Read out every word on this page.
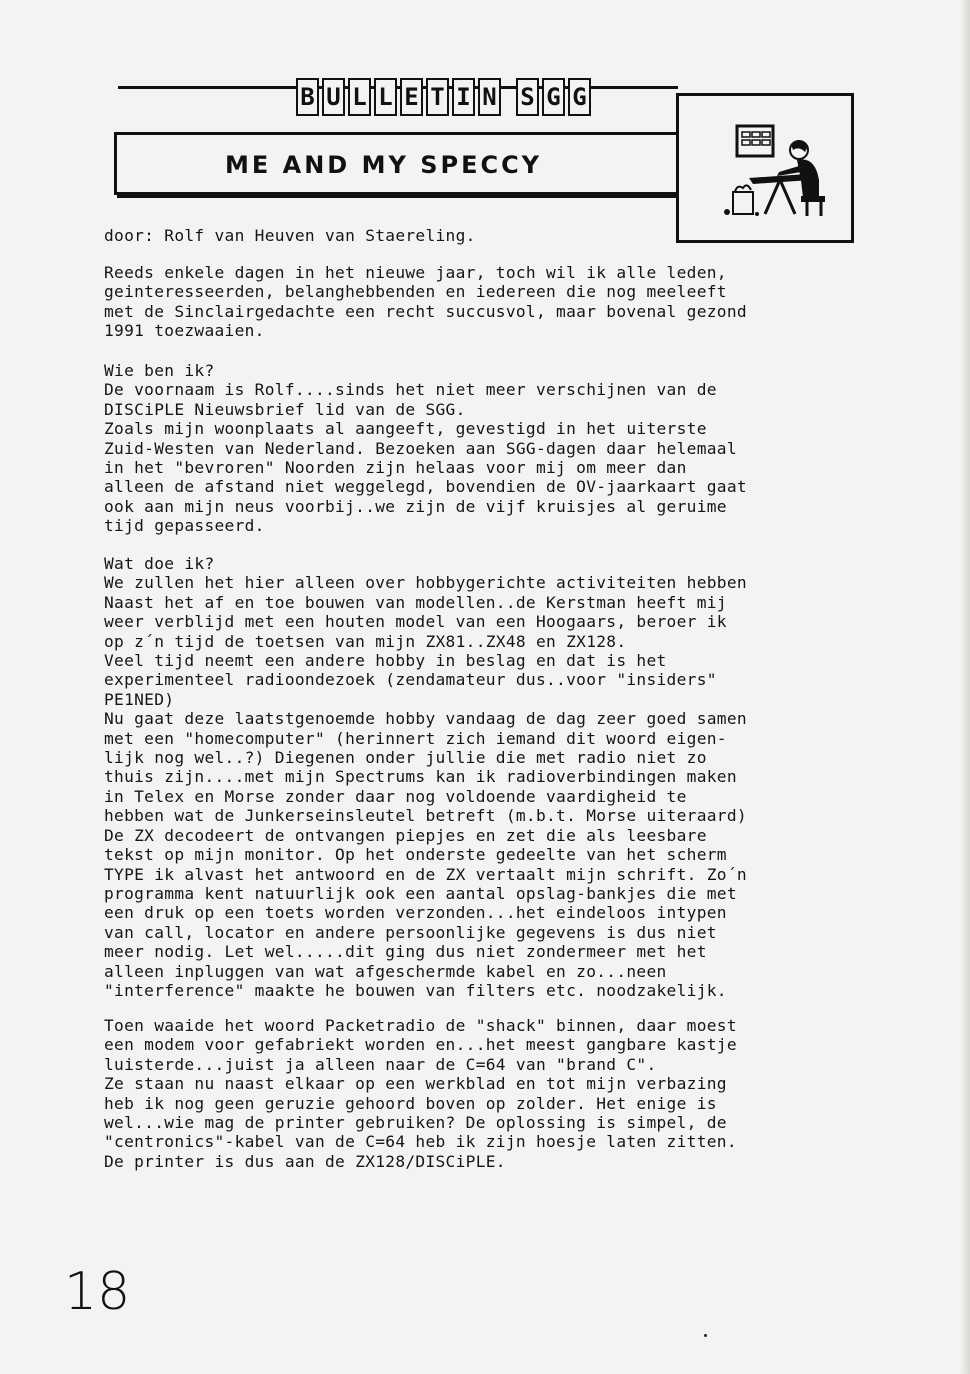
B U L L E T I N S G G
ME AND MY SPECCY
door: Rolf van Heuven van Staereling.
Reeds enkele dagen in het nieuwe jaar, toch wil ik alle leden,
geinteresseerden, belanghebbenden en iedereen die nog meeleeft
met de Sinclairgedachte een recht succusvol, maar bovenal gezond
1991 toezwaaien.
Wie ben ik?
De voornaam is Rolf....sinds het niet meer verschijnen van de
DISCiPLE Nieuwsbrief lid van de SGG.
Zoals mijn woonplaats al aangeeft, gevestigd in het uiterste
Zuid-Westen van Nederland. Bezoeken aan SGG-dagen daar helemaal
in het "bevroren" Noorden zijn helaas voor mij om meer dan
alleen de afstand niet weggelegd, bovendien de OV-jaarkaart gaat
ook aan mijn neus voorbij..we zijn de vijf kruisjes al geruime
tijd gepasseerd.
Wat doe ik?
We zullen het hier alleen over hobbygerichte activiteiten hebben
Naast het af en toe bouwen van modellen..de Kerstman heeft mij
weer verblijd met een houten model van een Hoogaars, beroer ik
op z´n tijd de toetsen van mijn ZX81..ZX48 en ZX128.
Veel tijd neemt een andere hobby in beslag en dat is het
experimenteel radioondezoek (zendamateur dus..voor "insiders"
PE1NED)
Nu gaat deze laatstgenoemde hobby vandaag de dag zeer goed samen
met een "homecomputer" (herinnert zich iemand dit woord eigen-
lijk nog wel..?) Diegenen onder jullie die met radio niet zo
thuis zijn....met mijn Spectrums kan ik radioverbindingen maken
in Telex en Morse zonder daar nog voldoende vaardigheid te
hebben wat de Junkerseinsleutel betreft (m.b.t. Morse uiteraard)
De ZX decodeert de ontvangen piepjes en zet die als leesbare
tekst op mijn monitor. Op het onderste gedeelte van het scherm
TYPE ik alvast het antwoord en de ZX vertaalt mijn schrift. Zo´n
programma kent natuurlijk ook een aantal opslag-bankjes die met
een druk op een toets worden verzonden...het eindeloos intypen
van call, locator en andere persoonlijke gegevens is dus niet
meer nodig. Let wel.....dit ging dus niet zondermeer met het
alleen inpluggen van wat afgeschermde kabel en zo...neen
"interference" maakte he bouwen van filters etc. noodzakelijk.
Toen waaide het woord Packetradio de "shack" binnen, daar moest
een modem voor gefabriekt worden en...het meest gangbare kastje
luisterde...juist ja alleen naar de C=64 van "brand C".
Ze staan nu naast elkaar op een werkblad en tot mijn verbazing
heb ik nog geen geruzie gehoord boven op zolder. Het enige is
wel...wie mag de printer gebruiken? De oplossing is simpel, de
"centronics"-kabel van de C=64 heb ik zijn hoesje laten zitten.
De printer is dus aan de ZX128/DISCiPLE.
18
